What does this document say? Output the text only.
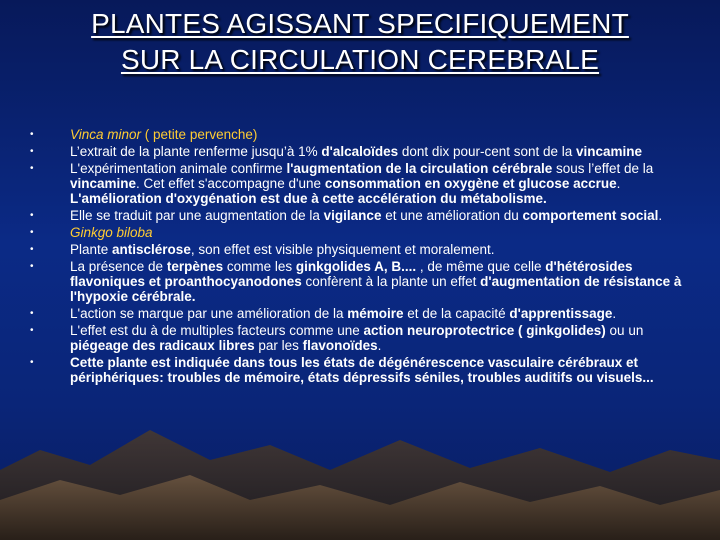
PLANTES AGISSANT SPECIFIQUEMENT
SUR LA CIRCULATION CEREBRALE
•	Vinca minor ( petite pervenche)
•	L’extrait de la plante renferme jusqu’à 1% d'alcaloïdes dont dix pour-cent sont de la vincamine
•	L'expérimentation animale confirme l'augmentation de la circulation cérébrale sous l’effet de la vincamine. Cet effet s'accompagne d'une consommation en oxygène et glucose accrue. L'amélioration d'oxygénation est due à cette accélération du métabolisme.
•	Elle se traduit par une augmentation de la vigilance et une amélioration du comportement social.
•	Ginkgo biloba
•	Plante antisclérose, son effet est visible physiquement et moralement.
•	La présence de terpènes comme les ginkgolides A, B.... , de même que celle d'hétérosides flavoniques et proanthocyanodones confèrent à la plante un effet d'augmentation de résistance à l'hypoxie cérébrale.
•	L'action se marque par une amélioration de la mémoire et de la capacité d'apprentissage.
•	L'effet est du à de multiples facteurs comme une action neuroprotectrice ( ginkgolides) ou un piégeage des radicaux libres par les flavonoïdes.
•	Cette plante est indiquée dans tous les états de dégénérescence vasculaire cérébraux et périphériques: troubles de mémoire, états dépressifs séniles, troubles auditifs ou visuels...
